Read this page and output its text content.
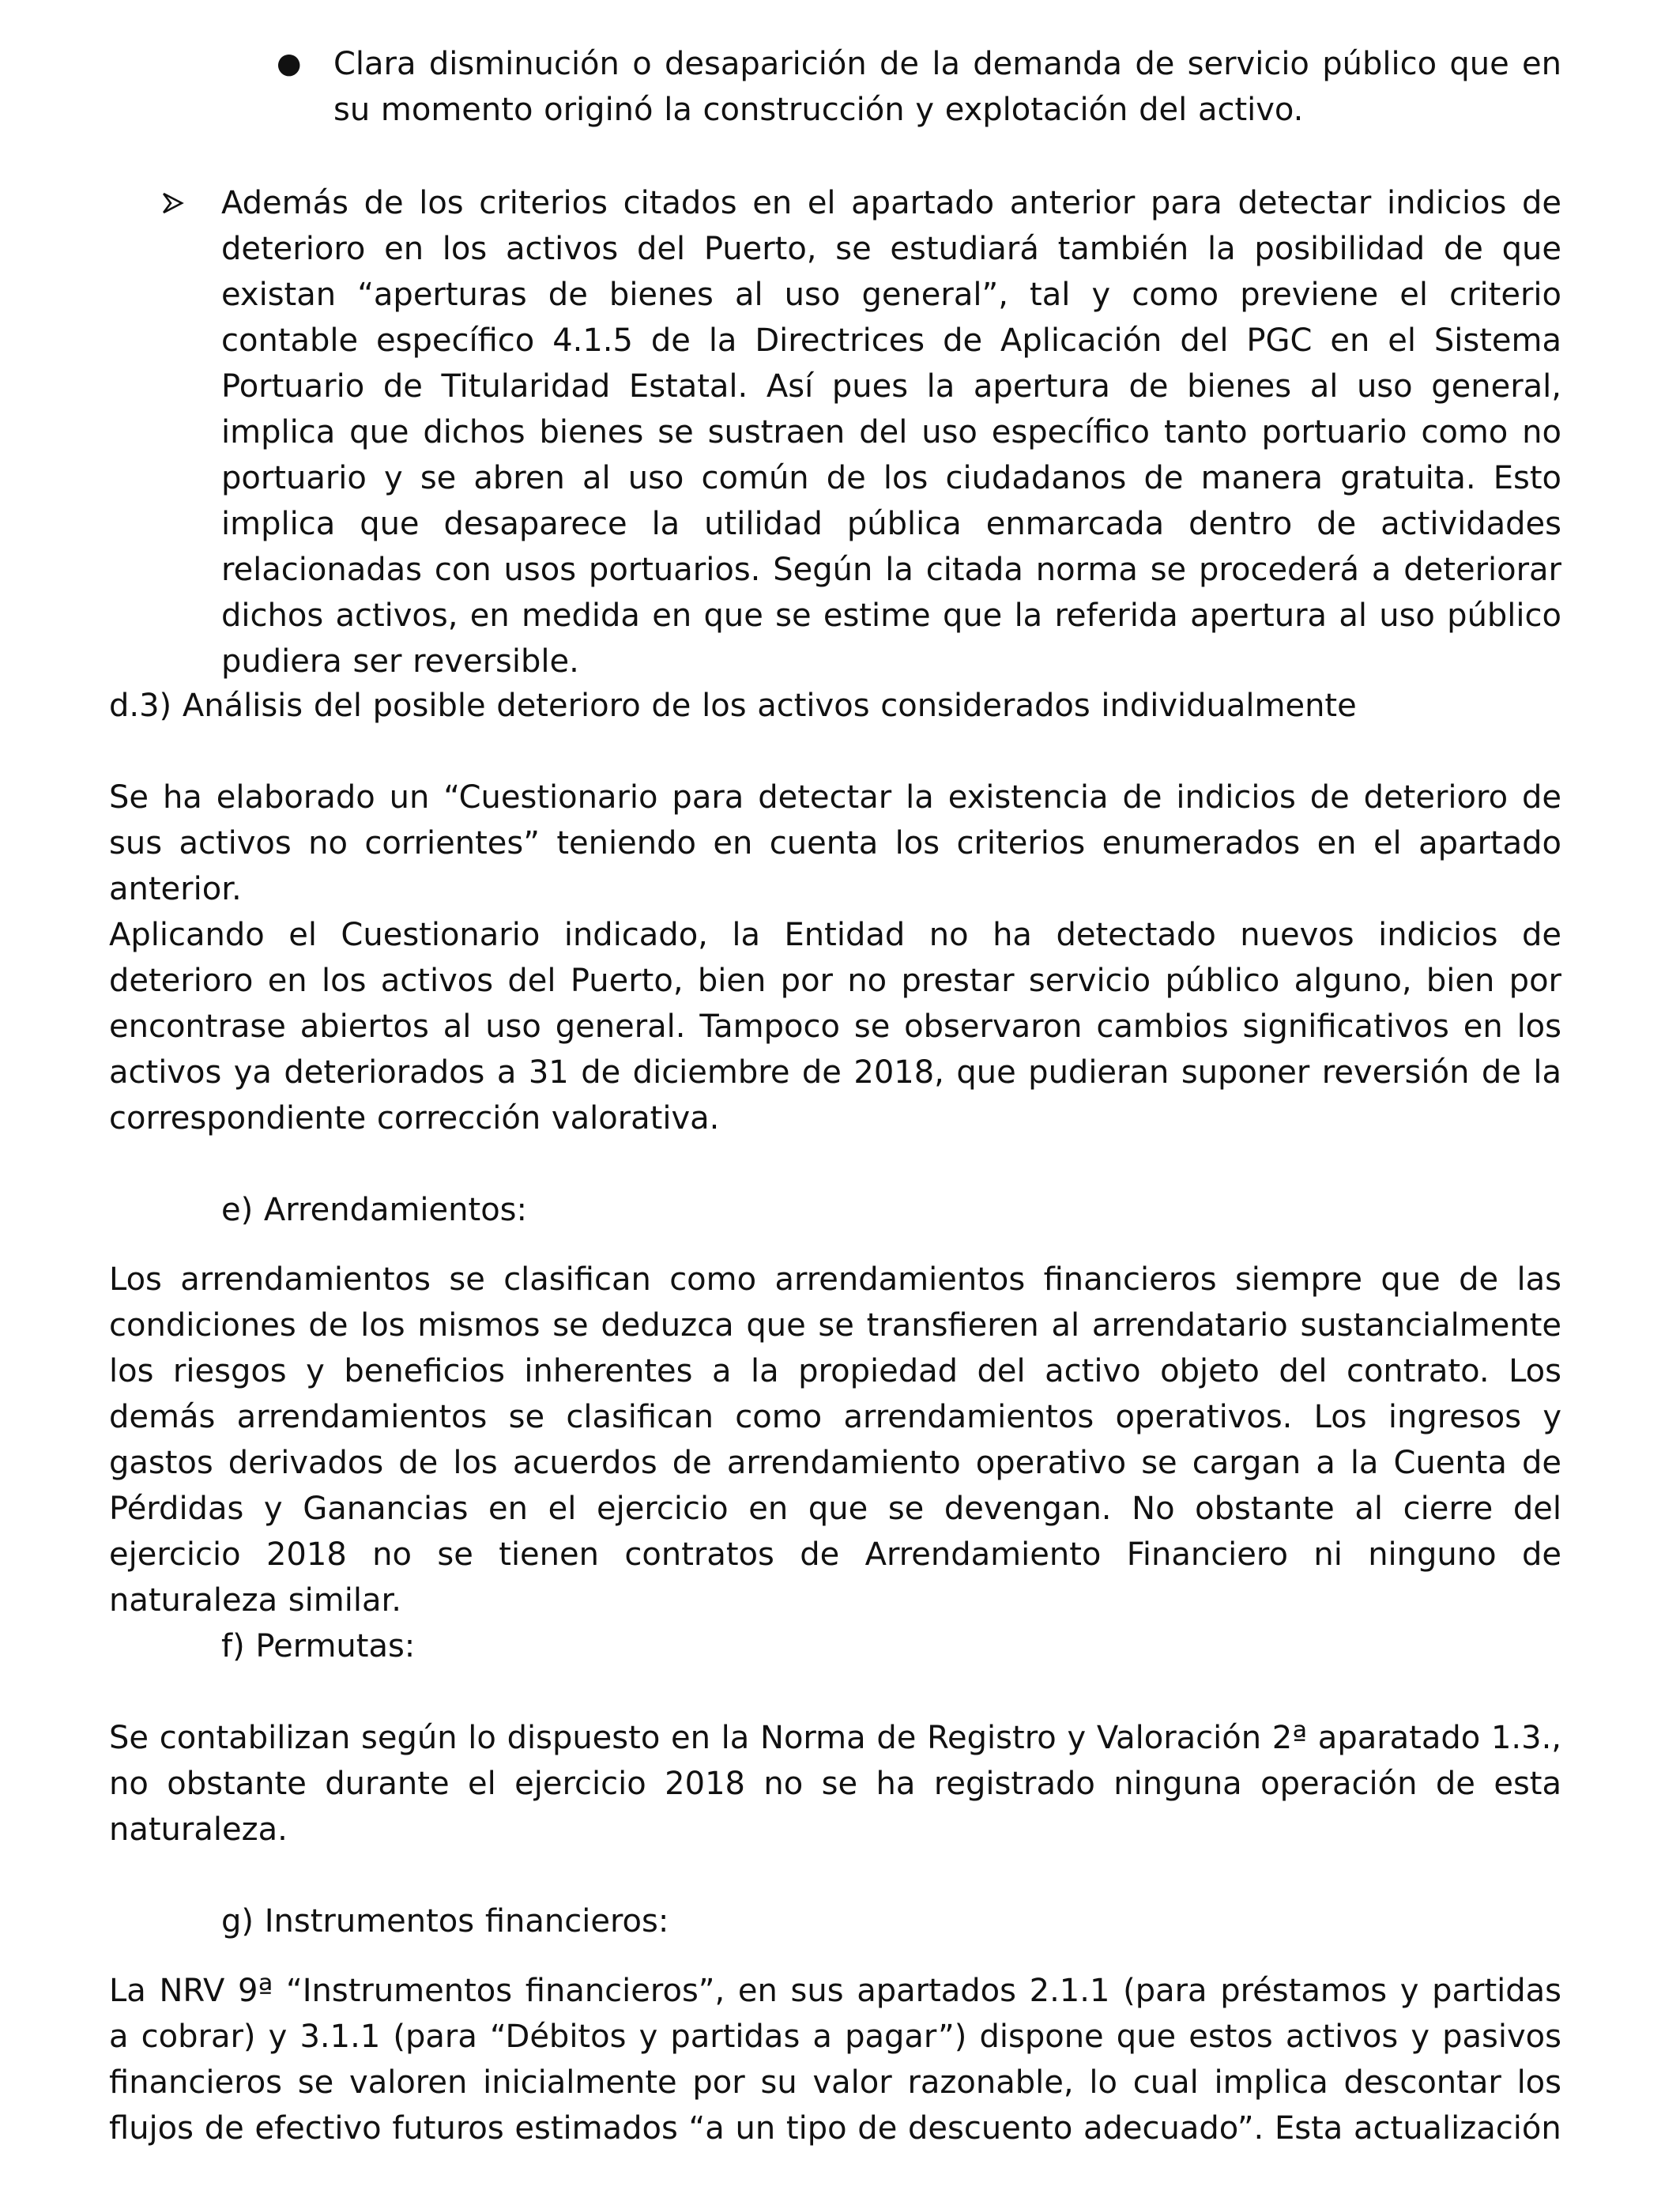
● Clara disminución o desaparición de la demanda de servicio público que en su momento originó la construcción y explotación del activo.

Además de los criterios citados en el apartado anterior para detectar indicios de deterioro en los activos del Puerto, se estudiará también la posibilidad de que existan “aperturas de bienes al uso general”, tal y como previene el criterio contable específico 4.1.5 de la Directrices de Aplicación del PGC en el Sistema Portuario de Titularidad Estatal. Así pues la apertura de bienes al uso general, implica que dichos bienes se sustraen del uso específico tanto portuario como no portuario y se abren al uso común de los ciudadanos de manera gratuita. Esto implica que desaparece la utilidad pública enmarcada dentro de actividades relacionadas con usos portuarios. Según la citada norma se procederá a deteriorar dichos activos, en medida en que se estime que la referida apertura al uso público pudiera ser reversible.

d.3) Análisis del posible deterioro de los activos considerados individualmente

Se ha elaborado un “Cuestionario para detectar la existencia de indicios de deterioro de sus activos no corrientes” teniendo en cuenta los criterios enumerados en el apartado anterior.

Aplicando el Cuestionario indicado, la Entidad no ha detectado nuevos indicios de deterioro en los activos del Puerto, bien por no prestar servicio público alguno, bien por encontrase abiertos al uso general. Tampoco se observaron cambios significativos en los activos ya deteriorados a 31 de diciembre de 2018, que pudieran suponer reversión de la correspondiente corrección valorativa.

e) Arrendamientos:

Los arrendamientos se clasifican como arrendamientos financieros siempre que de las condiciones de los mismos se deduzca que se transfieren al arrendatario sustancialmente los riesgos y beneficios inherentes a la propiedad del activo objeto del contrato. Los demás arrendamientos se clasifican como arrendamientos operativos. Los ingresos y gastos derivados de los acuerdos de arrendamiento operativo se cargan a la Cuenta de Pérdidas y Ganancias en el ejercicio en que se devengan. No obstante al cierre del ejercicio 2018 no se tienen contratos de Arrendamiento Financiero ni ninguno de naturaleza similar.

f) Permutas:

Se contabilizan según lo dispuesto en la Norma de Registro y Valoración 2ª aparatado 1.3., no obstante durante el ejercicio 2018 no se ha registrado ninguna operación de esta naturaleza.

g) Instrumentos financieros:

La NRV 9ª “Instrumentos financieros”, en sus apartados 2.1.1 (para préstamos y partidas a cobrar) y 3.1.1 (para “Débitos y partidas a pagar”) dispone que estos activos y pasivos financieros se valoren inicialmente por su valor razonable, lo cual implica descontar los flujos de efectivo futuros estimados “a un tipo de descuento adecuado”. Esta actualización
